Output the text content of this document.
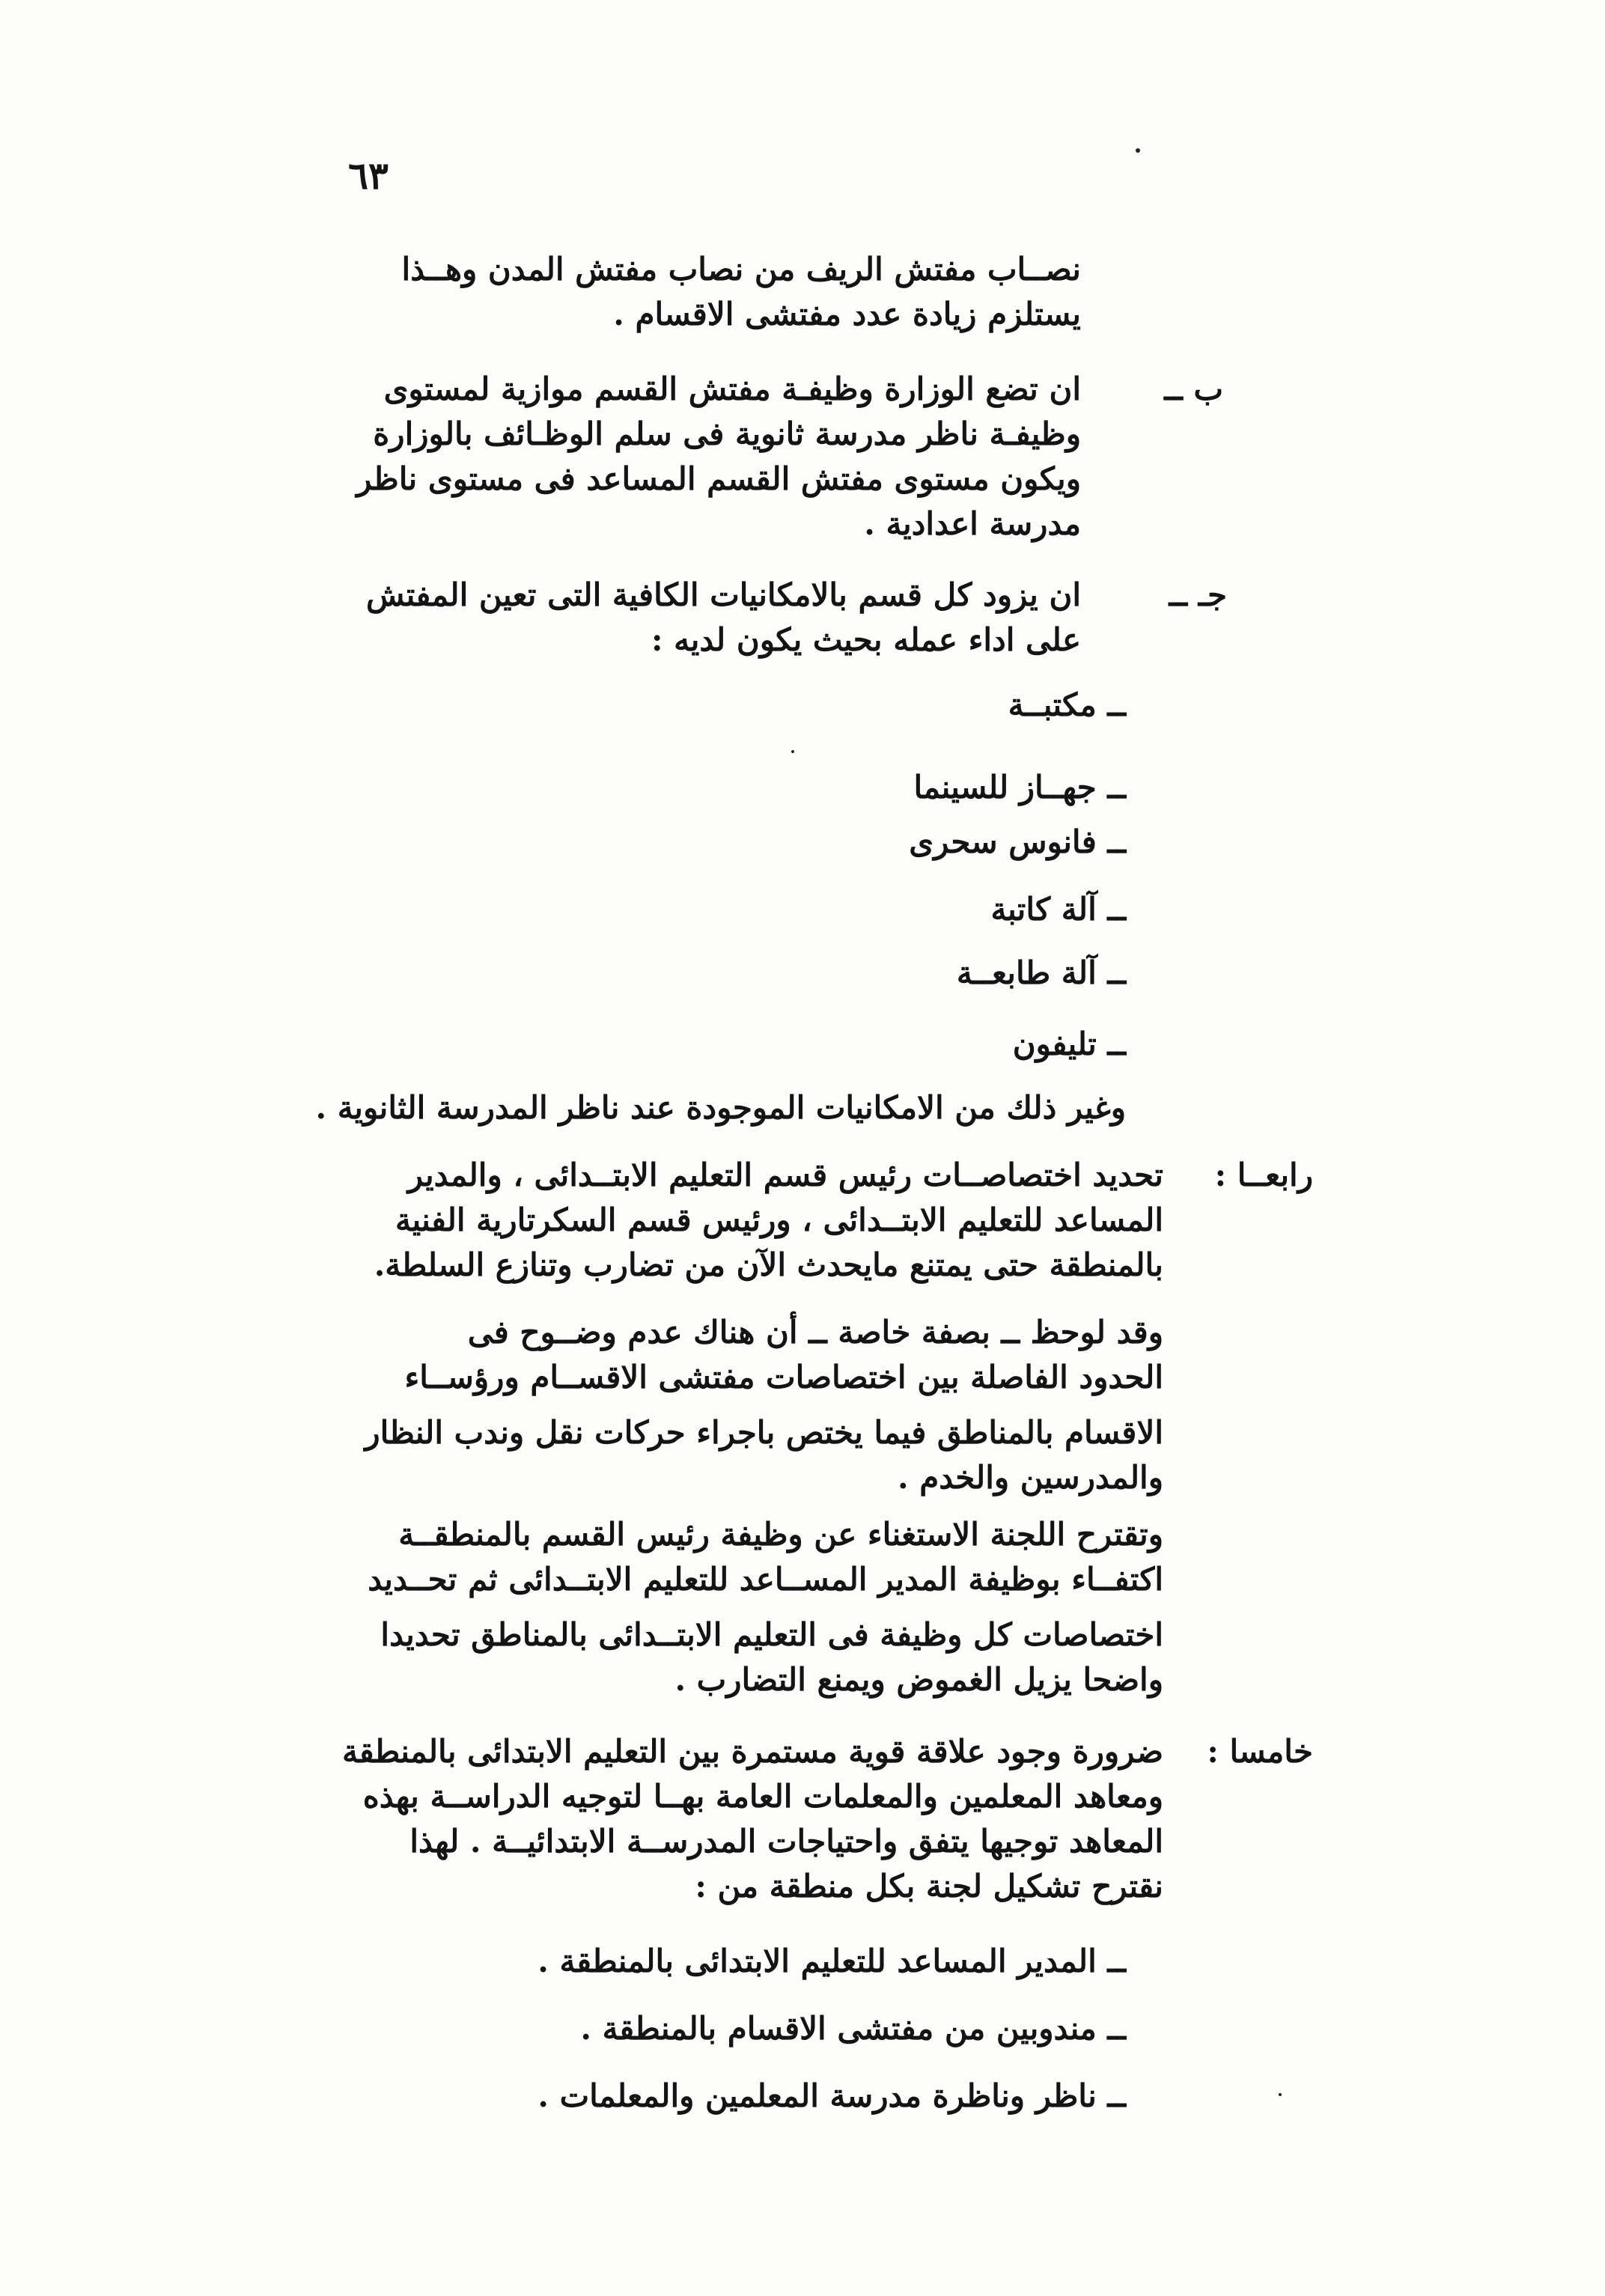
٦٣
نصــاب مفتش الريف من نصاب مفتش المدن وهــذا
يستلزم زيادة عدد مفتشى الاقسام .
ب ــ
ان تضع الوزارة وظيفـة مفتش القسم موازية لمستوى
وظيفـة ناظر مدرسة ثانوية فى سلم الوظـائف بالوزارة
ويكون مستوى مفتش القسم المساعد فى مستوى ناظر
مدرسة اعدادية .
جـ ــ
ان يزود كل قسم بالامكانيات الكافية التى تعين المفتش
على اداء عمله بحيث يكون لديه :
ــ مكتبــة
ــ جهــاز للسينما
ــ فانوس سحرى
ــ آلة كاتبة
ــ آلة طابعــة
ــ تليفون
وغير ذلك من الامكانيات الموجودة عند ناظر المدرسة الثانوية .
رابعــا :
تحديد اختصاصــات رئيس قسم التعليم الابتــدائى ، والمدير
المساعد للتعليم الابتــدائى ، ورئيس قسم السكرتارية الفنية
بالمنطقة حتى يمتنع مايحدث الآن من تضارب وتنازع السلطة.
وقد لوحظ ــ بصفة خاصة ــ أن هناك عدم وضــوح فى
الحدود الفاصلة بين اختصاصات مفتشى الاقســام ورؤســاء
الاقسام بالمناطق فيما يختص باجراء حركات نقل وندب النظار
والمدرسين والخدم .
وتقترح اللجنة الاستغناء عن وظيفة رئيس القسم بالمنطقــة
اكتفــاء بوظيفة المدير المســاعد للتعليم الابتــدائى ثم تحــديد
اختصاصات كل وظيفة فى التعليم الابتــدائى بالمناطق تحديدا
واضحا يزيل الغموض ويمنع التضارب .
خامسا :
ضرورة وجود علاقة قوية مستمرة بين التعليم الابتدائى بالمنطقة
ومعاهد المعلمين والمعلمات العامة بهــا لتوجيه الدراســة بهذه
المعاهد توجيها يتفق واحتياجات المدرســة الابتدائيــة . لهذا
نقترح تشكيل لجنة بكل منطقة من :
ــ المدير المساعد للتعليم الابتدائى بالمنطقة .
ــ مندوبين من مفتشى الاقسام بالمنطقة .
ــ ناظر وناظرة مدرسة المعلمين والمعلمات .
